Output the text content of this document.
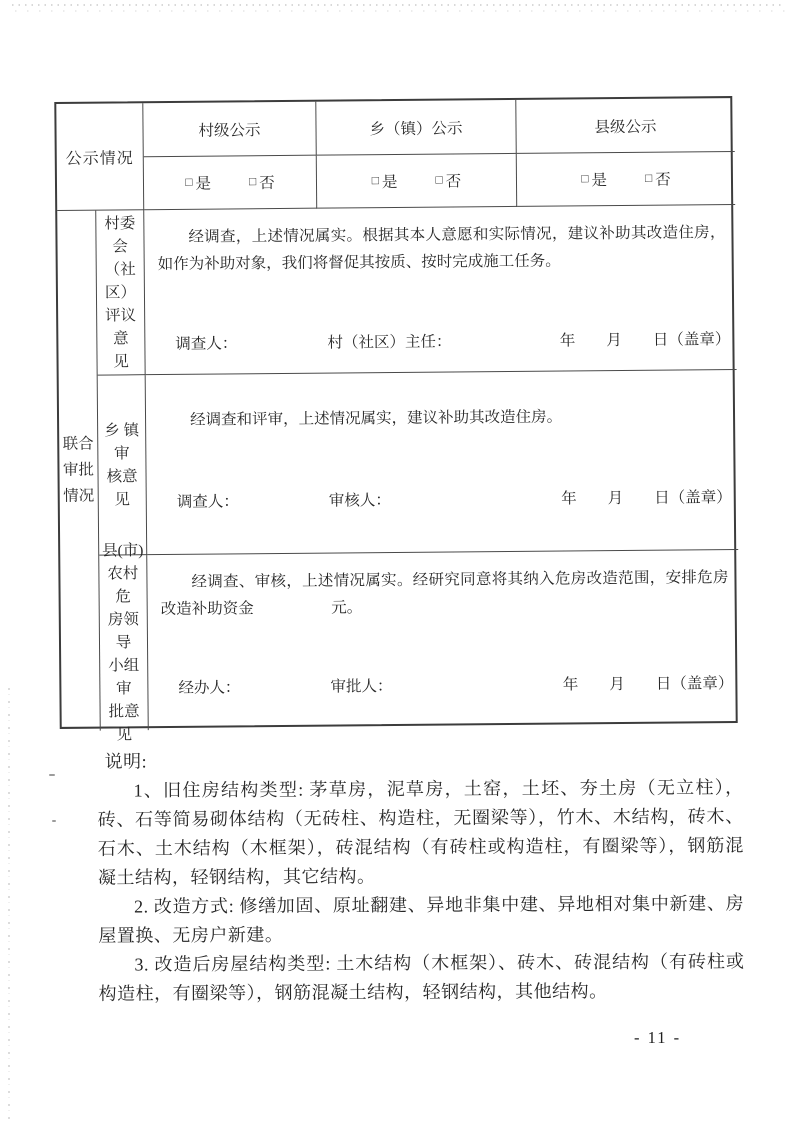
公示情况
村级公示	乡（镇）公示	县级公示
□ 是	□ 否	□ 是	□ 否	□ 是	□ 否
联合
审批
情况
村委会
（社
区）
评议意
见

经调查，上述情况属实。根据其本人意愿和实际情况，建议补助其改造住房，如作为补助对象，我们将督促其按质、按时完成施工任务。

调查人：	村（社区）主任：	年　　月　　日（盖章）
乡 镇 审
核意见

经调查和评审，上述情况属实，建议补助其改造住房。

调查人：	审核人：	年　　月　　日（盖章）
县(市)
农村危
房领导
小组审
批意见

经调查、审核，上述情况属实。经研究同意将其纳入危房改造范围，安排危房改造补助资金　　　　　元。

经办人：	审批人：	年　　月　　日（盖章）

说明:

1、旧住房结构类型: 茅草房，泥草房，土窑，土坯、夯土房（无立柱），砖、石等简易砌体结构（无砖柱、构造柱，无圈梁等），竹木、木结构，砖木、石木、土木结构（木框架），砖混结构（有砖柱或构造柱，有圈梁等），钢筋混凝土结构，轻钢结构，其它结构。

2. 改造方式: 修缮加固、原址翻建、异地非集中建、异地相对集中新建、房屋置换、无房户新建。

3. 改造后房屋结构类型: 土木结构（木框架）、砖木、砖混结构（有砖柱或构造柱，有圈梁等），钢筋混凝土结构，轻钢结构，其他结构。

- 11 -
